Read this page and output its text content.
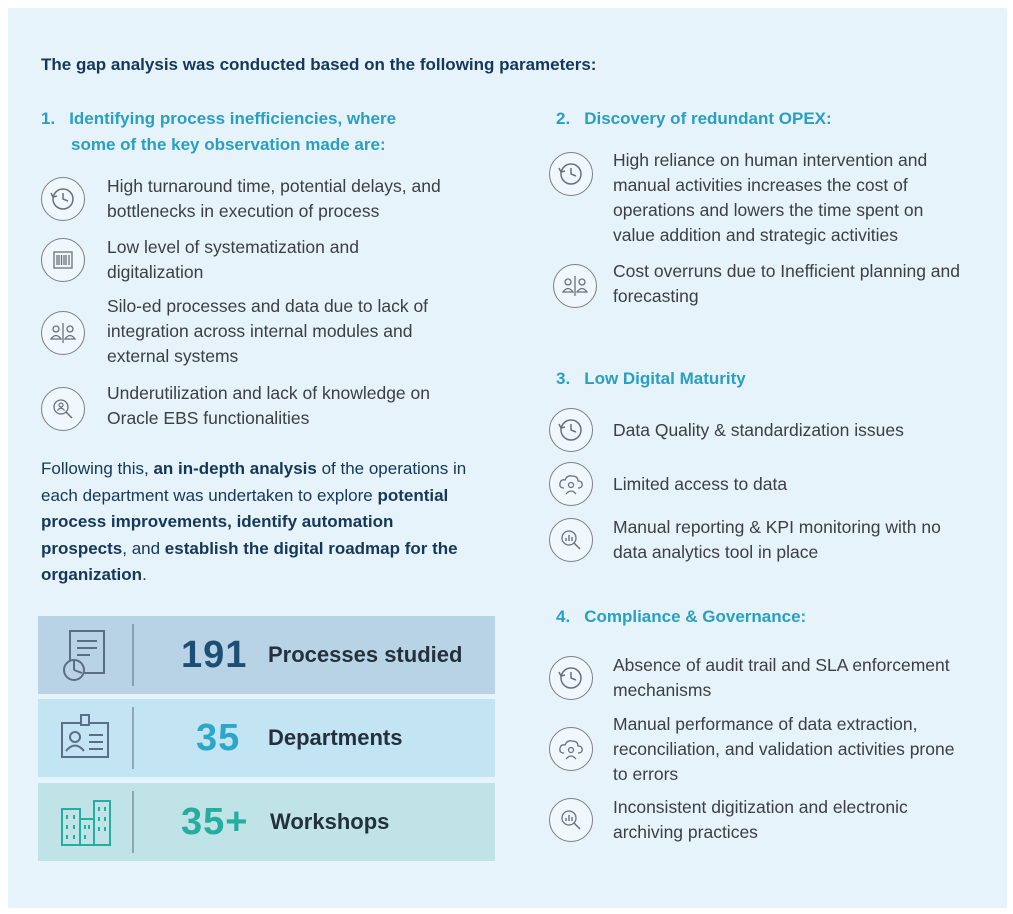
The gap analysis was conducted based on the following parameters:
1. Identifying process inefficiencies, where
some of the key observation made are:
High turnaround time, potential delays, and bottlenecks in execution of process
Low level of systematization and digitalization
Silo-ed processes and data due to lack of integration across internal modules and external systems
Underutilization and lack of knowledge on Oracle EBS functionalities
Following this, an in-depth analysis of the operations in each department was undertaken to explore potential process improvements, identify automation prospects, and establish the digital roadmap for the organization.
191 Processes studied
35 Departments
35+ Workshops
2. Discovery of redundant OPEX:
High reliance on human intervention and manual activities increases the cost of operations and lowers the time spent on value addition and strategic activities
Cost overruns due to Inefficient planning and forecasting
3. Low Digital Maturity
Data Quality & standardization issues
Limited access to data
Manual reporting & KPI monitoring with no data analytics tool in place
4. Compliance & Governance:
Absence of audit trail and SLA enforcement mechanisms
Manual performance of data extraction, reconciliation, and validation activities prone to errors
Inconsistent digitization and electronic archiving practices
